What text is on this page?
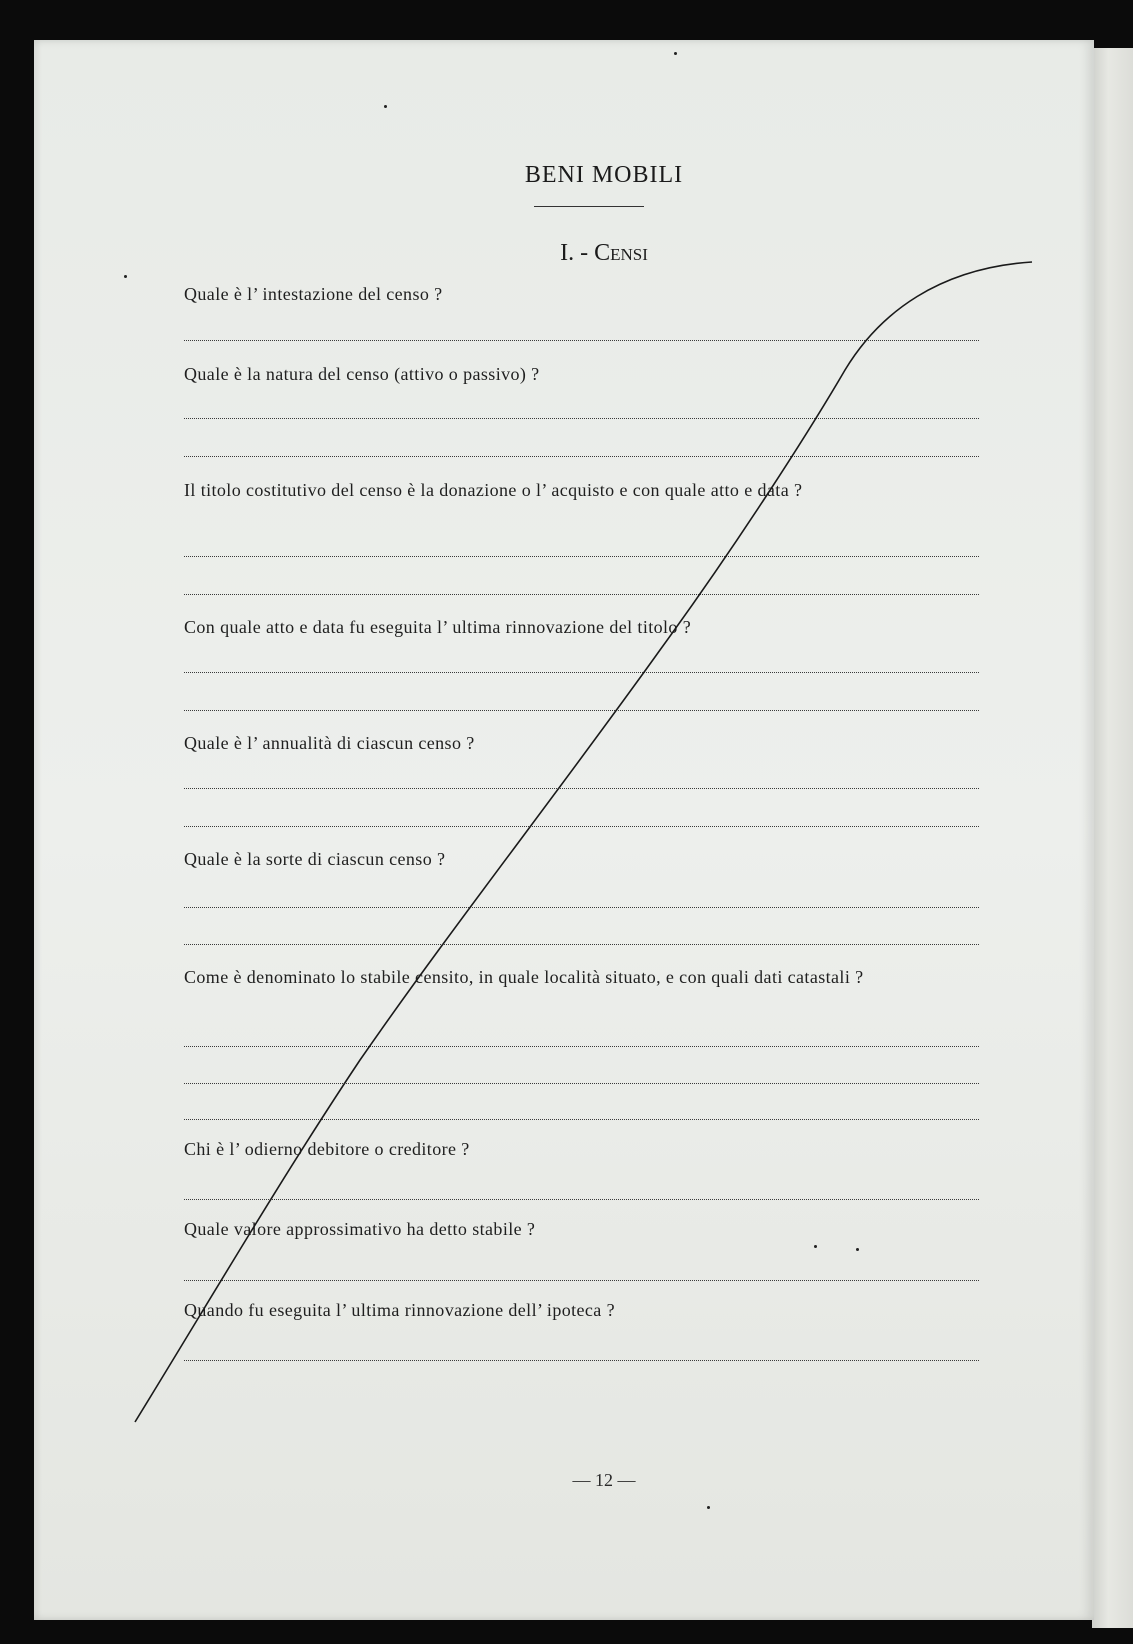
BENI MOBILI
I. - Censi
Quale è l’ intestazione del censo ?
Quale è la natura del censo (attivo o passivo) ?
Il titolo costitutivo del censo è la donazione o l’ acquisto e con quale atto e data ?
Con quale atto e data fu eseguita l’ ultima rinnovazione del titolo ?
Quale è l’ annualità di ciascun censo ?
Quale è la sorte di ciascun censo ?
Come è denominato lo stabile censito, in quale località situato, e con quali dati catastali ?
Chi è l’ odierno debitore o creditore ?
Quale valore approssimativo ha detto stabile ?
Quando fu eseguita l’ ultima rinnovazione dell’ ipoteca ?
— 12 —
